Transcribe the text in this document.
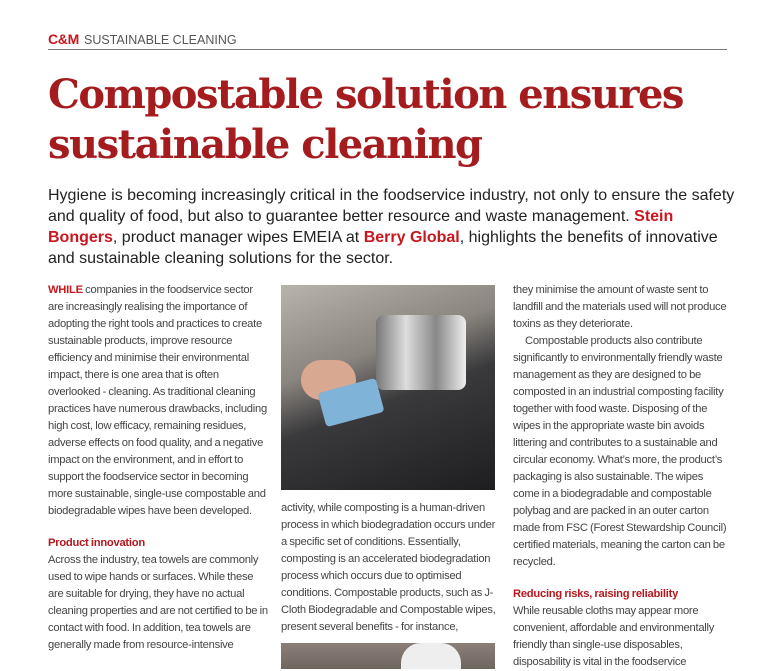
C&M SUSTAINABLE CLEANING
Compostable solution ensures sustainable cleaning

Hygiene is becoming increasingly critical in the foodservice industry, not only to ensure the safety and quality of food, but also to guarantee better resource and waste management. Stein Bongers, product manager wipes EMEIA at Berry Global, highlights the benefits of innovative and sustainable cleaning solutions for the sector.

WHILE companies in the foodservice sector are increasingly realising the importance of adopting the right tools and practices to create sustainable products, improve resource efficiency and minimise their environmental impact, there is one area that is often overlooked - cleaning. As traditional cleaning practices have numerous drawbacks, including high cost, low efficacy, remaining residues, adverse effects on food quality, and a negative impact on the environment, and in effort to support the foodservice sector in becoming more sustainable, single-use compostable and biodegradable wipes have been developed.

Product innovation

Across the industry, tea towels are commonly used to wipe hands or surfaces. While these are suitable for drying, they have no actual cleaning properties and are not certified to be in contact with food. In addition, tea towels are generally made from resource-intensive

activity, while composting is a human-driven process in which biodegradation occurs under a specific set of conditions. Essentially, composting is an accelerated biodegradation process which occurs due to optimised conditions. Compostable products, such as J-Cloth Biodegradable and Compostable wipes, present several benefits - for instance,

they minimise the amount of waste sent to landfill and the materials used will not produce toxins as they deteriorate.

Compostable products also contribute significantly to environmentally friendly waste management as they are designed to be composted in an industrial composting facility together with food waste. Disposing of the wipes in the appropriate waste bin avoids littering and contributes to a sustainable and circular economy. What’s more, the product’s packaging is also sustainable. The wipes come in a biodegradable and compostable polybag and are packed in an outer carton made from FSC (Forest Stewardship Council) certified materials, meaning the carton can be recycled.

Reducing risks, raising reliability

While reusable cloths may appear more convenient, affordable and environmentally friendly than single-use disposables, disposability is vital in the foodservice
